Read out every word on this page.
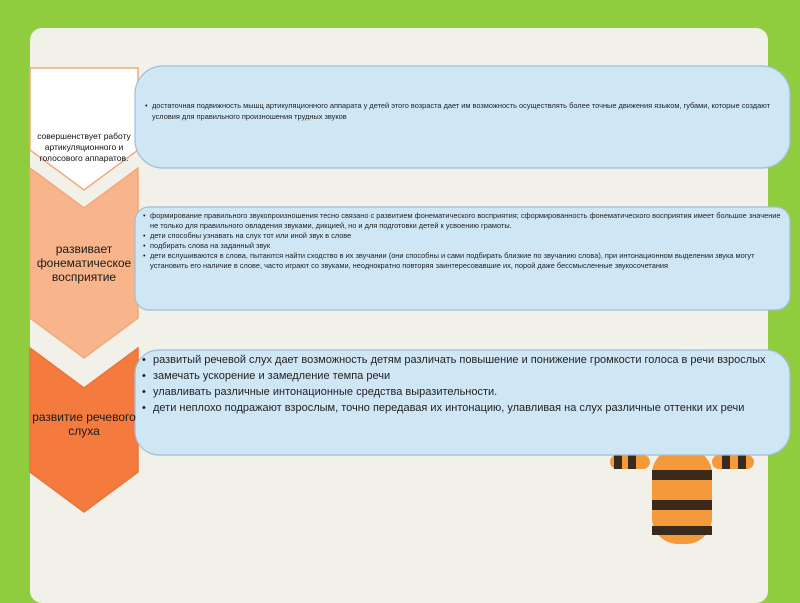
совершенствует работу артикуляционного и голосового аппаратов.
развивает фонематическое восприятие
развитие речевого слуха
• достаточная подвижность мышц артикуляционного аппарата у детей этого возраста дает им возможность осуществлять более точные движения языком, губами, которые создают условия для правильного произношения трудных звуков
• формирование правильного звукопроизношения тесно связано с развитием фонематического восприятия; сформированность фонематического восприятия имеет большое значение не только для правильного овладения звуками, дикцией, но и для подготовки детей к усвоению грамоты.
• дети способны узнавать на слух тот или иной звук в слове
• подбирать слова на заданный звук
• дети вслушиваются в слова, пытаются найти сходство в их звучании (они способны и сами подбирать близкие по звучанию слова), при интонационном выделении звука могут установить его наличие в слове, часто играют со звуками, неоднократно повторяя заинтересовавшие их, порой даже бессмысленные звукосочетания
• развитый речевой слух дает возможность детям различать повышение и понижение громкости голоса в речи взрослых
• замечать ускорение и замедление темпа речи
• улавливать различные интонационные средства выразительности.
• дети неплохо подражают взрослым, точно передавая их интонацию, улавливая на слух различные оттенки их речи
